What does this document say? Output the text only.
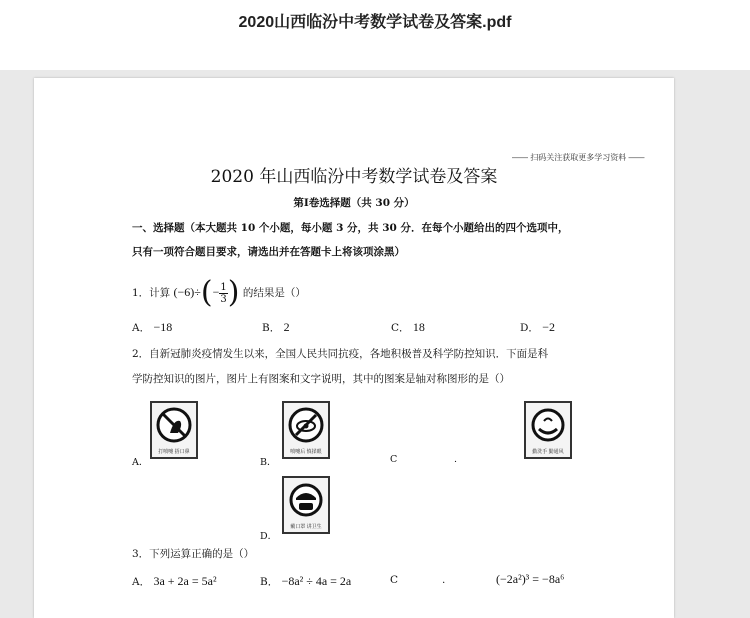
2020山西临汾中考数学试卷及答案.pdf
—— 扫码关注获取更多学习资料 ——
2020 年山西临汾中考数学试卷及答案
第Ⅰ卷选择题（共 30 分）
一、选择题（本大题共 10 个小题，每小题 3 分，共 30 分．在每个小题给出的四个选项中，
只有一项符合题目要求，请选出并在答题卡上将该项涂黑）
1．计算 $(-6)\div(- \frac{1}{3}$ ) 的结果是（）
A． −18	B． 2	C． 18	D． −2
2．自新冠肺炎疫情发生以来，全国人民共同抗疫，各地积极普及科学防控知识．下面是科
学防控知识的图片，图片上有图案和文字说明，其中的图案是轴对称图形的是（）
A．
打喷嚏 捂口鼻
B．
喷嚏后 慎揉眼
C	.
勤洗手 勤通风
D．
戴口罩 讲卫生
3．下列运算正确的是（）
A． 3a + 2a = 5a²	B． −8a² ÷ 4a = 2a	C	.	(−2a²)³ = −8a⁶
